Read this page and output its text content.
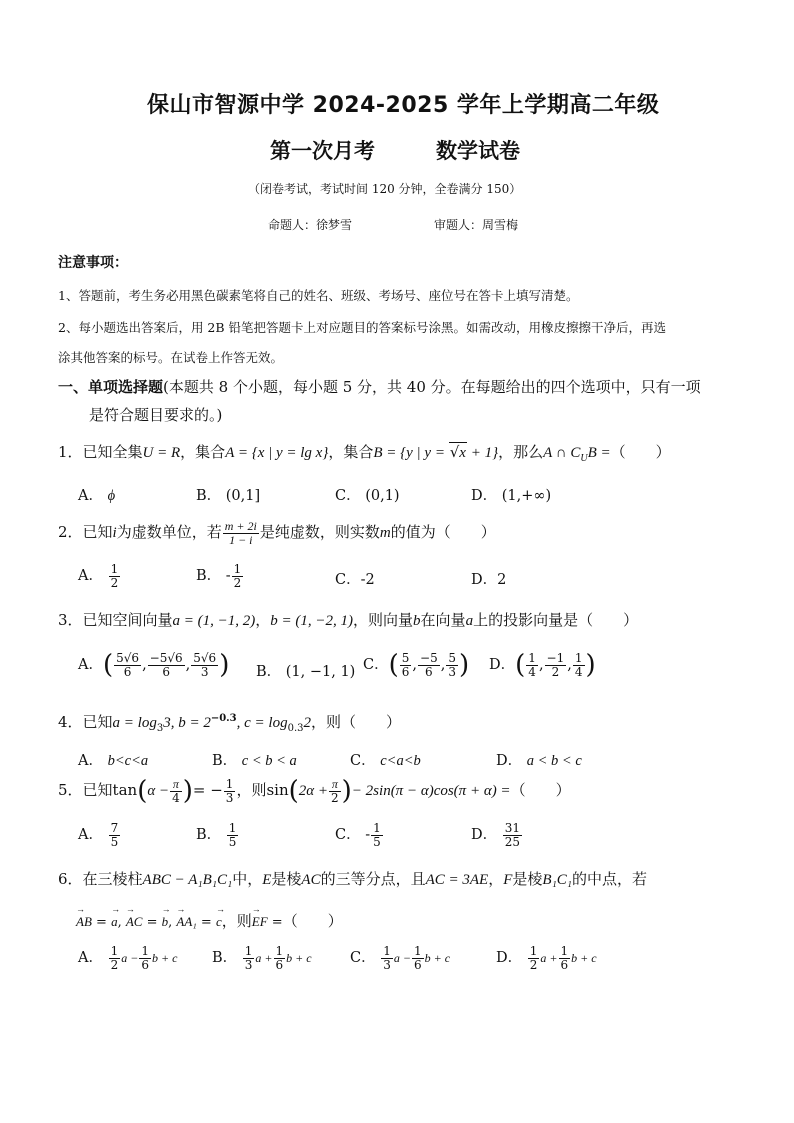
保山市智源中学 2024-2025 学年上学期高二年级
第一次月考	数学试卷
（闭卷考试，考试时间 120 分钟，全卷满分 150）
命题人：徐梦雪	审题人：周雪梅
注意事项：
1、答题前，考生务必用黑色碳素笔将自己的姓名、班级、考场号、座位号在答卡上填写清楚。
2、每小题选出答案后，用 2B 铅笔把答题卡上对应题目的答案标号涂黑。如需改动，用橡皮擦擦干净后，再选
涂其他答案的标号。在试卷上作答无效。
一、单项选择题(本题共 8 个小题，每小题 5 分，共 40 分。在每题给出的四个选项中，只有一项
是符合题目要求的。)
1．已知全集U = R，集合A = {x | y = lg x}，集合B = {y | y = √x + 1}，那么A ∩ $C_UB$ =（　　）
A． ϕ	B． (0,1]	C． (0,1)	D． (1,+∞)
2．已知i为虚数单位，若 $\frac{m + 2i}{1 - i}$ 是纯虚数，则实数m的值为（　　）
A． $\frac{1}{2}$	B． - $\frac{1}{2}$	C．-2	D．2
3．已知空间向量a = (1, −1, 2)，b = (1, −2, 1)，则向量b在向量a上的投影向量是（　　）
A．( $\frac{5√6}{6}$ , $\frac{-5√6}{6}$ , $\frac{5√6}{3}$ ) B． (1, −1, 1) C．( $\frac{5}{6}$ , $\frac{-5}{6}$ , $\frac{5}{3}$ ) D．( $\frac{1}{4}$ , $\frac{-1}{2}$ , $\frac{1}{4}$ )
4．已知$a = \log_33$, $b = 2^{-0.3}$, $c = \log_{0.3}2$，则（　　）
A． b<c<a	B． c < b < a	C． c<a<b	D． a < b < c
5．已知$\tan(\alpha - \frac{\pi}{4}$ )= − $\frac{1}{3}$ ，则$\sin(2\alpha + \frac{\pi}{2}$ )− 2sin(π − α)cos(π + α) =（　　）
A． $\frac{7}{5}$	B． $\frac{1}{5}$	C． - $\frac{1}{5}$	D． $\frac{31}{25}$
6．在三棱柱ABC − A₁B₁C₁中，E是棱AC的三等分点，且AC = 3AE，F是棱B₁C₁的中点，若
→ AB = → a, → AC = → b, → AA₁ = → c，则→ EF =（　　）
A． $\frac{1}{2}$ $a - \frac{1}{6}$ b + c B． $\frac{1}{3}$ $a + \frac{1}{6}$ b + c	C． $\frac{1}{3}$ $a - \frac{1}{6}$ b + c	D． $\frac{1}{2}$ $a + \frac{1}{6}$ b + c
